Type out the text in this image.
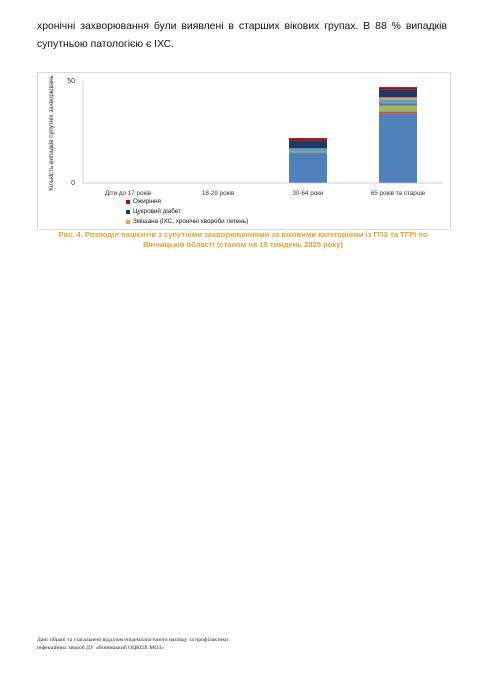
хронічні захворювання були виявлені в старших вікових групах. В 88 % випадків супутньою патологією є ІХС.

50
0
Кількість випадків супутніх захворювань
Діти до 17 років	18-29 років	30-64 роки	65 років та старше
Ожиріння
Цукровий діабет
Змішана (ІХС, хронічні хвороби легень)
Рис. 4. Розподіл пацієнтів з супутніми захворюваннями за віковими категоріями із ГПЗ та ТГРІ по
Вінницькій області (станом на 15 тиждень 2025 року)
Дані зібрані та узагальнені відділом епідеміологічного нагляду та профілактики
інфекційних хвороб ДУ «Вінницький ОЦКПХ МОЗ»
